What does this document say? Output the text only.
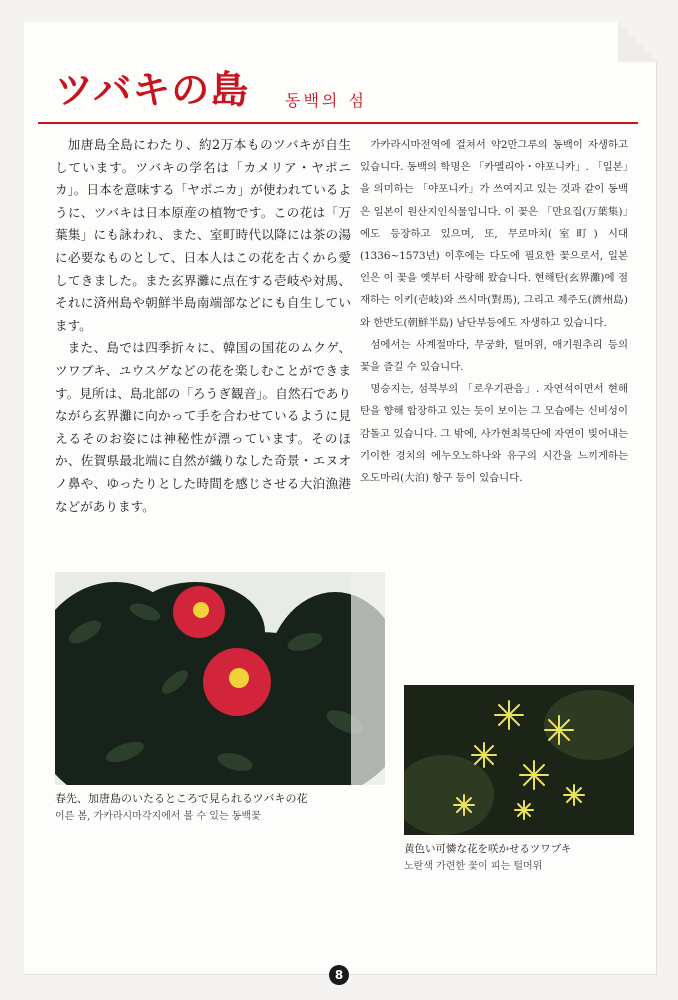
ツバキの島 동백의 섬

加唐島全島にわたり、約2万本ものツバキが自生しています。ツバキの学名は「カメリア・ヤポニカ」。日本を意味する「ヤポニカ」が使われているように、ツバキは日本原産の植物です。この花は「万葉集」にも詠われ、また、室町時代以降には茶の湯に必要なものとして、日本人はこの花を古くから愛してきました。また玄界灘に点在する壱岐や対馬、それに済州島や朝鮮半島南端部などにも自生しています。

また、島では四季折々に、韓国の国花のムクゲ、ツワブキ、ユウスゲなどの花を楽しむことができます。見所は、島北部の「ろうぎ観音」。自然石でありながら玄界灘に向かって手を合わせているように見えるそのお姿には神秘性が漂っています。そのほか、佐賀県最北端に自然が織りなした奇景・エヌオノ鼻や、ゆったりとした時間を感じさせる大泊漁港などがあります。

가카라시마전역에 걸쳐서 약2만그루의 동백이 자생하고 있습니다. 동백의 학명은 「카멜리아・야포니카」. 「일본」을 의미하는 「야포니카」가 쓰여지고 있는 것과 같이 동백은 일본이 원산지인식물입니다. 이 꽃은 「만요집(万葉集)」에도 등장하고 있으며, 또, 무로마치(室町) 시대(1336~1573년) 이후에는 다도에 필요한 꽃으로서, 일본인은 이 꽃을 옛부터 사랑해 왔습니다. 현해탄(玄界灘)에 점재하는 이키(壱岐)와 쓰시마(對馬), 그리고 제주도(濟州島)와 한반도(朝鮮半島) 남단부등에도 자생하고 있습니다.

섬에서는 사계절마다, 무궁화, 털머위, 애기원추리 등의 꽃을 즐길 수 있습니다.

명승지는, 섬북부의 「로우기관음」. 자연석이면서 현해탄을 향해 합장하고 있는 듯이 보이는 그 모습에는 신비성이 감돌고 있습니다. 그 밖에, 사가현최북단에 자연이 빚어내는 기이한 경치의 에누오노하나와 유구의 시간을 느끼게하는 오도마리(大泊) 항구 등이 있습니다.

春先、加唐島のいたるところで見られるツバキの花
이른 봄, 가카라시마각지에서 볼 수 있는 동백꽃
黄色い可憐な花を咲かせるツワブキ
노란색 가련한 꽃이 피는 털머위
8
